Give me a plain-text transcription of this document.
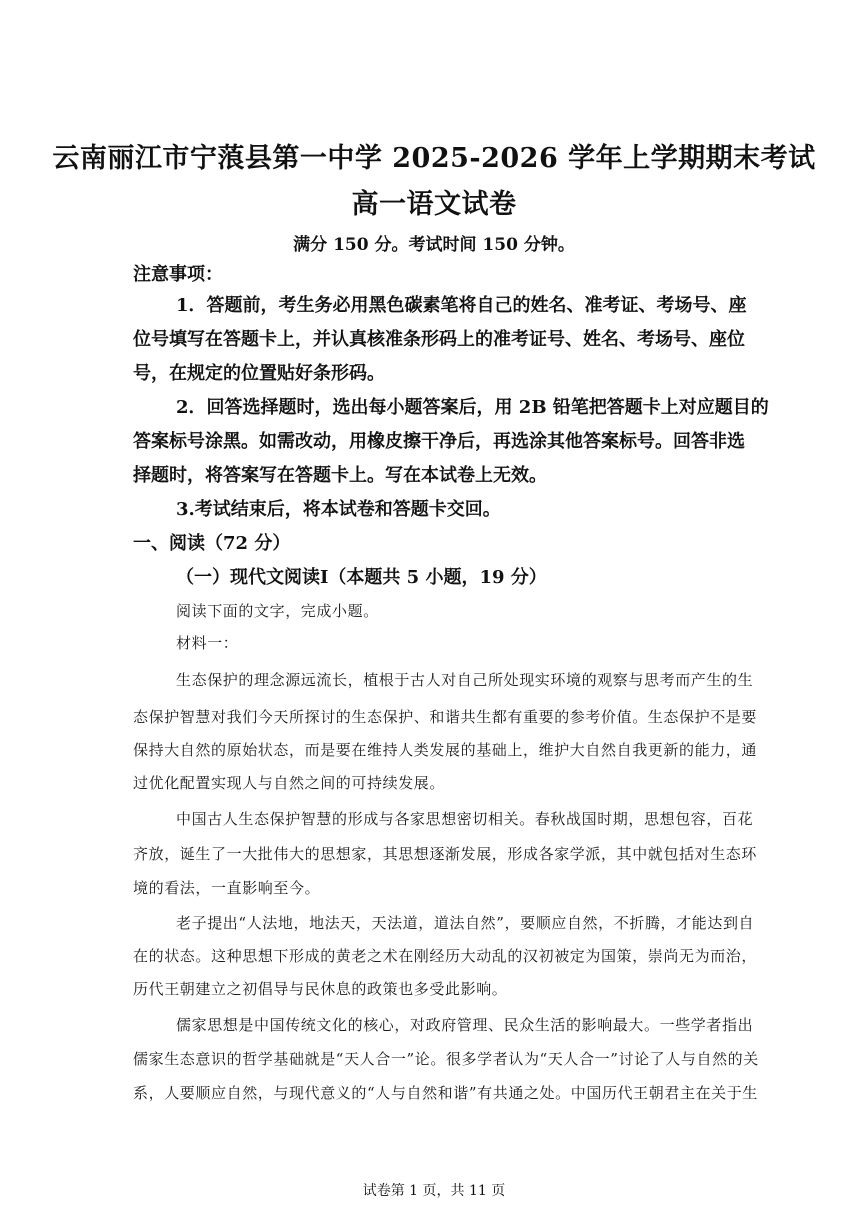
云南丽江市宁蒗县第一中学 2025-2026 学年上学期期末考试
高一语文试卷
满分 150 分。考试时间 150 分钟。
注意事项：
1．答题前，考生务必用黑色碳素笔将自己的姓名、准考证、考场号、座
位号填写在答题卡上，并认真核准条形码上的准考证号、姓名、考场号、座位
号，在规定的位置贴好条形码。
2．回答选择题时，选出每小题答案后，用 2B 铅笔把答题卡上对应题目的
答案标号涂黑。如需改动，用橡皮擦干净后，再选涂其他答案标号。回答非选
择题时，将答案写在答题卡上。写在本试卷上无效。
3.考试结束后，将本试卷和答题卡交回。
一、阅读（72 分）
（一）现代文阅读Ⅰ（本题共 5 小题，19 分）
阅读下面的文字，完成小题。
材料一：
生态保护的理念源远流长，植根于古人对自己所处现实环境的观察与思考而产生的生
态保护智慧对我们今天所探讨的生态保护、和谐共生都有重要的参考价值。生态保护不是要
保持大自然的原始状态，而是要在维持人类发展的基础上，维护大自然自我更新的能力，通
过优化配置实现人与自然之间的可持续发展。
中国古人生态保护智慧的形成与各家思想密切相关。春秋战国时期，思想包容，百花
齐放，诞生了一大批伟大的思想家，其思想逐渐发展，形成各家学派，其中就包括对生态环
境的看法，一直影响至今。
老子提出“人法地，地法天，天法道，道法自然”，要顺应自然，不折腾，才能达到自
在的状态。这种思想下形成的黄老之术在刚经历大动乱的汉初被定为国策，崇尚无为而治，
历代王朝建立之初倡导与民休息的政策也多受此影响。
儒家思想是中国传统文化的核心，对政府管理、民众生活的影响最大。一些学者指出
儒家生态意识的哲学基础就是“天人合一”论。很多学者认为“天人合一”讨论了人与自然的关
系，人要顺应自然，与现代意义的“人与自然和谐”有共通之处。中国历代王朝君主在关于生
试卷第 1 页，共 11 页
